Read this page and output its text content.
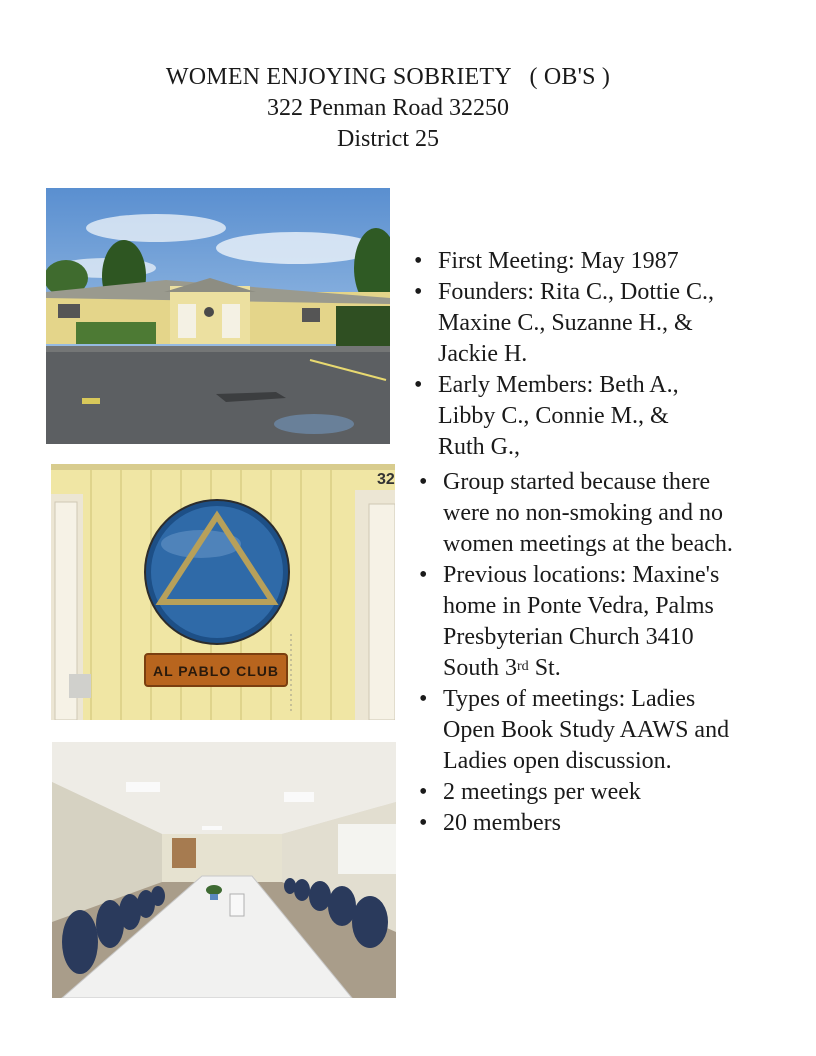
WOMEN ENJOYING SOBRIETY   ( OB'S )
322 Penman Road 32250
District 25
32
AL PABLO CLUB
• First Meeting: May 1987
• Founders: Rita C., Dottie C., Maxine C., Suzanne H., & Jackie H.
• Early Members: Beth A., Libby C., Connie M., & Ruth G.,
• Group started because there were no non-smoking and no women meetings at the beach.
• Previous locations: Maxine's home in Ponte Vedra, Palms Presbyterian Church 3410 South 3rd St.
• Types of meetings: Ladies Open Book Study AAWS and Ladies open discussion.
• 2 meetings per week
• 20 members
